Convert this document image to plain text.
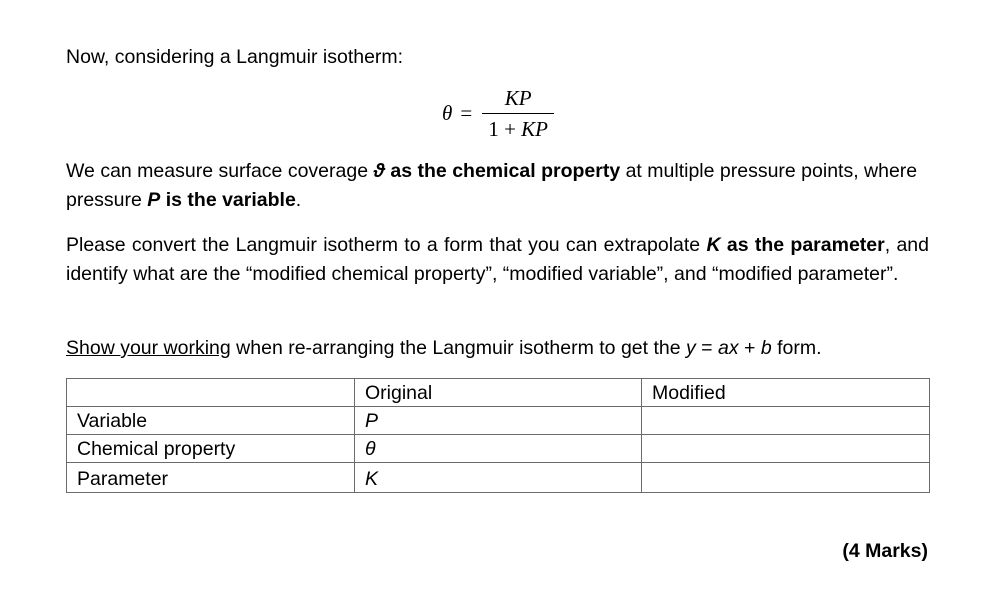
Now, considering a Langmuir isotherm:
$\theta = \frac{KP}{1 + KP}$
We can measure surface coverage ϑ as the chemical property at multiple pressure points, where pressure P is the variable.
Please convert the Langmuir isotherm to a form that you can extrapolate K as the parameter, and identify what are the “modified chemical property”, “modified variable”, and “modified parameter”.
Show your working when re-arranging the Langmuir isotherm to get the y = ax + b form.
	Original	Modified
Variable	P	
Chemical property	θ	
Parameter	K	
(4 Marks)
